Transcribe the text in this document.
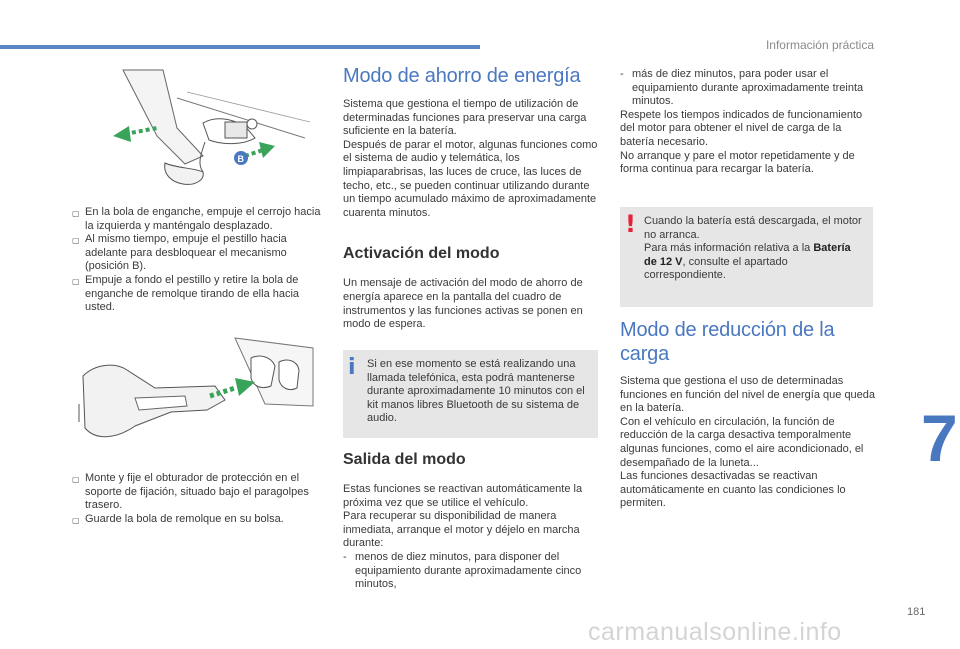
Información práctica
B
▢ En la bola de enganche, empuje el cerrojo hacia la izquierda y manténgalo desplazado.
▢ Al mismo tiempo, empuje el pestillo hacia adelante para desbloquear el mecanismo (posición B).
▢ Empuje a fondo el pestillo y retire la bola de enganche de remolque tirando de ella hacia usted.
▢ Monte y fije el obturador de protección en el soporte de fijación, situado bajo el paragolpes trasero.
▢ Guarde la bola de remolque en su bolsa.
Modo de ahorro de energía

Sistema que gestiona el tiempo de utilización de determinadas funciones para preservar una carga suficiente en la batería.

Después de parar el motor, algunas funciones como el sistema de audio y telemática, los limpiaparabrisas, las luces de cruce, las luces de techo, etc., se pueden continuar utilizando durante un tiempo acumulado máximo de aproximadamente cuarenta minutos.

Activación del modo

Un mensaje de activación del modo de ahorro de energía aparece en la pantalla del cuadro de instrumentos y las funciones activas se ponen en modo de espera.

i Si en ese momento se está realizando una llamada telefónica, esta podrá mantenerse durante aproximadamente 10 minutos con el kit manos libres Bluetooth de su sistema de audio.
Salida del modo

Estas funciones se reactivan automáticamente la próxima vez que se utilice el vehículo.

Para recuperar su disponibilidad de manera inmediata, arranque el motor y déjelo en marcha durante:

- menos de diez minutos, para disponer del equipamiento durante aproximadamente cinco minutos,
- más de diez minutos, para poder usar el equipamiento durante aproximadamente treinta minutos.

Respete los tiempos indicados de funcionamiento del motor para obtener el nivel de carga de la batería necesario.

No arranque y pare el motor repetidamente y de forma continua para recargar la batería.

! Cuando la batería está descargada, el motor no arranca.
Para más información relativa a la Batería de 12 V, consulte el apartado correspondiente.
Modo de reducción de la carga

Sistema que gestiona el uso de determinadas funciones en función del nivel de energía que queda en la batería.

Con el vehículo en circulación, la función de reducción de la carga desactiva temporalmente algunas funciones, como el aire acondicionado, el desempañado de la luneta...

Las funciones desactivadas se reactivan automáticamente en cuanto las condiciones lo permiten.

7
181
carmanualsonline.info
